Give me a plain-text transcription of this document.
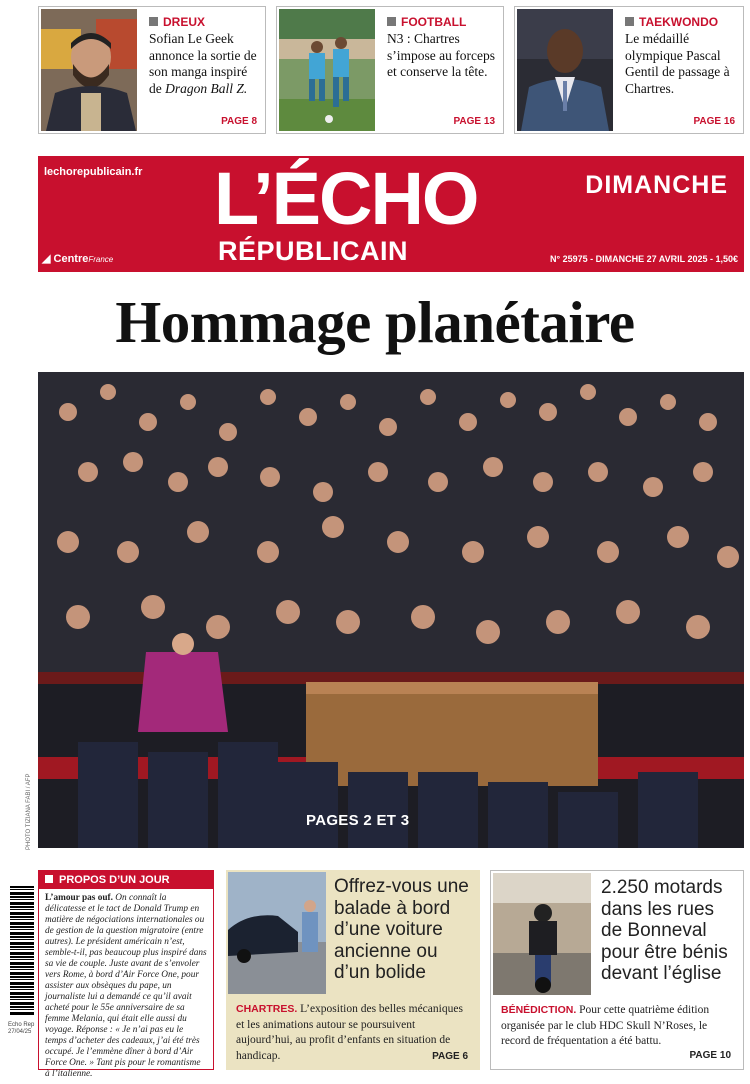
DREUX
Sofian Le Geek annonce la sortie de son manga inspiré de Dragon Ball Z.
PAGE 8
FOOTBALL
N3 : Chartres s’impose au forceps et conserve la tête.
PAGE 13
TAEKWONDO
Le médaillé olympique Pascal Gentil de passage à Chartres.
PAGE 16
lechorepublicain.fr L’ÉCHO
RÉPUBLICAIN
DIMANCHE
N° 25975 - DIMANCHE 27 AVRIL 2025 - 1,50€
◢ CentreFrance
Hommage planétaire
PAGES 2 ET 3
PHOTO TIZIANA FABI / AFP
Echo Rep 27/04/25
PROPOS D’UN JOUR
L’amour pas ouf. On connaît la délicatesse et le tact de Donald Trump en matière de négociations internationales ou de gestion de la question migratoire (entre autres). Le président américain n’est, semble-t-il, pas beaucoup plus inspiré dans sa vie de couple. Juste avant de s’envoler vers Rome, à bord d’Air Force One, pour assister aux obsèques du pape, un journaliste lui a demandé ce qu’il avait acheté pour le 55e anniversaire de sa femme Melania, qui était elle aussi du voyage. Réponse : « Je n’ai pas eu le temps d’acheter des cadeaux, j’ai été très occupé. Je l’emmène dîner à bord d’Air Force One. » Tant pis pour le romantisme à l’italienne.
Offrez-vous une balade à bord d’une voiture ancienne ou d’un bolide
CHARTRES. L’exposition des belles mécaniques et les animations autour se poursuivent aujourd’hui, au profit d’enfants en situation de handicap.	PAGE 6
2.250 motards dans les rues de Bonneval pour être bénis devant l’église
BÉNÉDICTION. Pour cette quatrième édition organisée par le club HDC Skull N’Roses, le record de fréquentation a été battu.
PAGE 10
